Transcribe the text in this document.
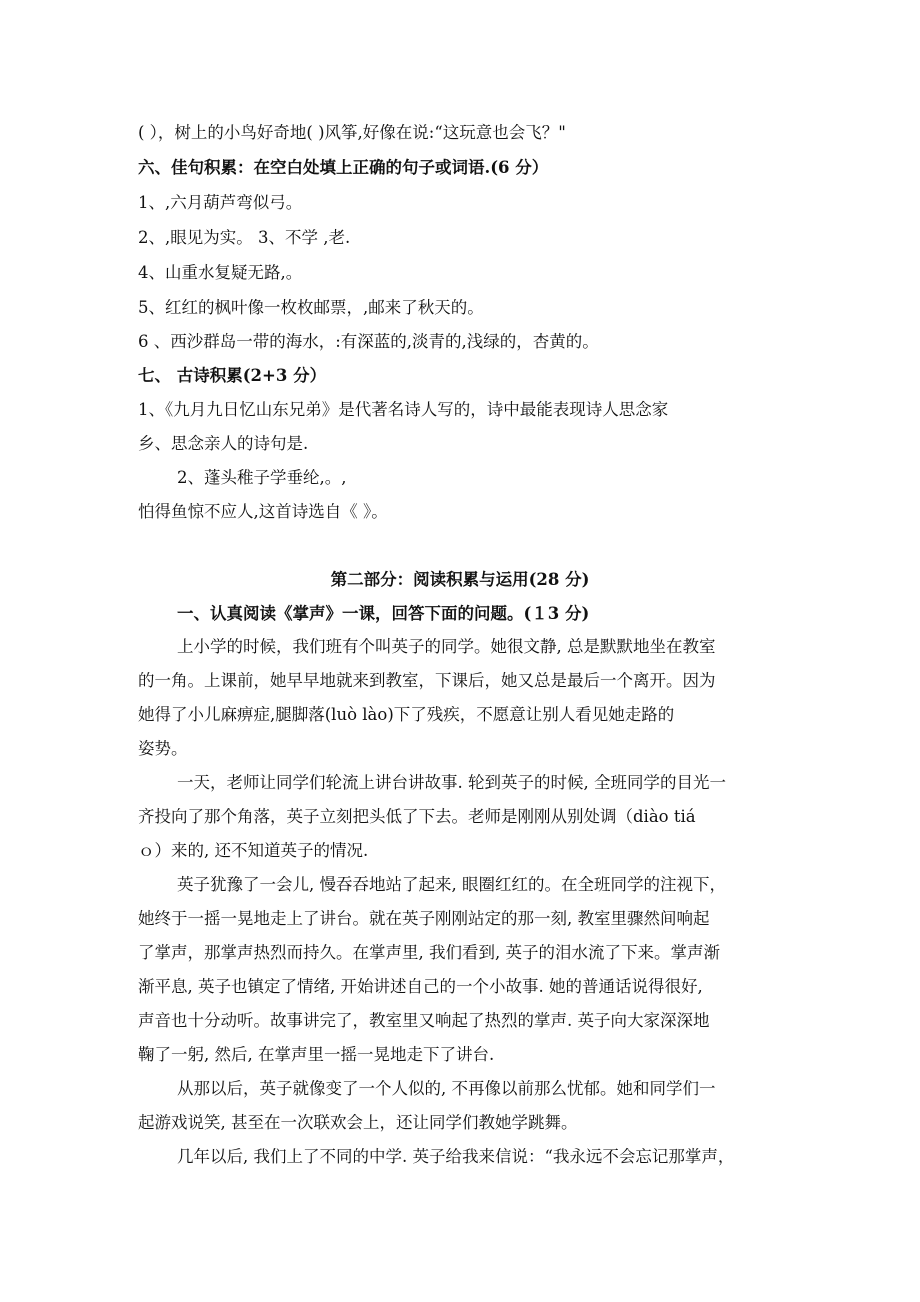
( ），树上的小鸟好奇地( )风筝,好像在说:“这玩意也会飞？"
六、佳句积累：在空白处填上正确的句子或词语.(6 分）
1、,六月葫芦弯似弓。
2、,眼见为实。 3、不学 ,老.
4、山重水复疑无路,。
5、红红的枫叶像一枚枚邮票，,邮来了秋天的。
6 、西沙群岛一带的海水，:有深蓝的,淡青的,浅绿的，杏黄的。
七、 古诗积累(2+3 分）
1、《九月九日忆山东兄弟》是代著名诗人写的，诗中最能表现诗人思念家
乡、思念亲人的诗句是.
2、蓬头稚子学垂纶,。,
怕得鱼惊不应人,这首诗选自《 》。
第二部分：阅读积累与运用(28 分)
一、认真阅读《掌声》一课，回答下面的问题。(１3 分)
上小学的时候，我们班有个叫英子的同学。她很文静, 总是默默地坐在教室
的一角。上课前，她早早地就来到教室，下课后，她又总是最后一个离开。因为
她得了小儿麻痹症,腿脚落(luò lào)下了残疾，不愿意让别人看见她走路的
姿势。
一天，老师让同学们轮流上讲台讲故事. 轮到英子的时候, 全班同学的目光一
齐投向了那个角落，英子立刻把头低了下去。老师是刚刚从别处调（diào tiá
ｏ）来的, 还不知道英子的情况.
英子犹豫了一会儿, 慢吞吞地站了起来, 眼圈红红的。在全班同学的注视下，
她终于一摇一晃地走上了讲台。就在英子刚刚站定的那一刻, 教室里骤然间响起
了掌声，那掌声热烈而持久。在掌声里, 我们看到, 英子的泪水流了下来。掌声渐
渐平息, 英子也镇定了情绪, 开始讲述自己的一个小故事. 她的普通话说得很好,
声音也十分动听。故事讲完了，教室里又响起了热烈的掌声. 英子向大家深深地
鞠了一躬, 然后, 在掌声里一摇一晃地走下了讲台.
从那以后，英子就像变了一个人似的, 不再像以前那么忧郁。她和同学们一
起游戏说笑, 甚至在一次联欢会上，还让同学们教她学跳舞。
几年以后, 我们上了不同的中学. 英子给我来信说：“我永远不会忘记那掌声，
